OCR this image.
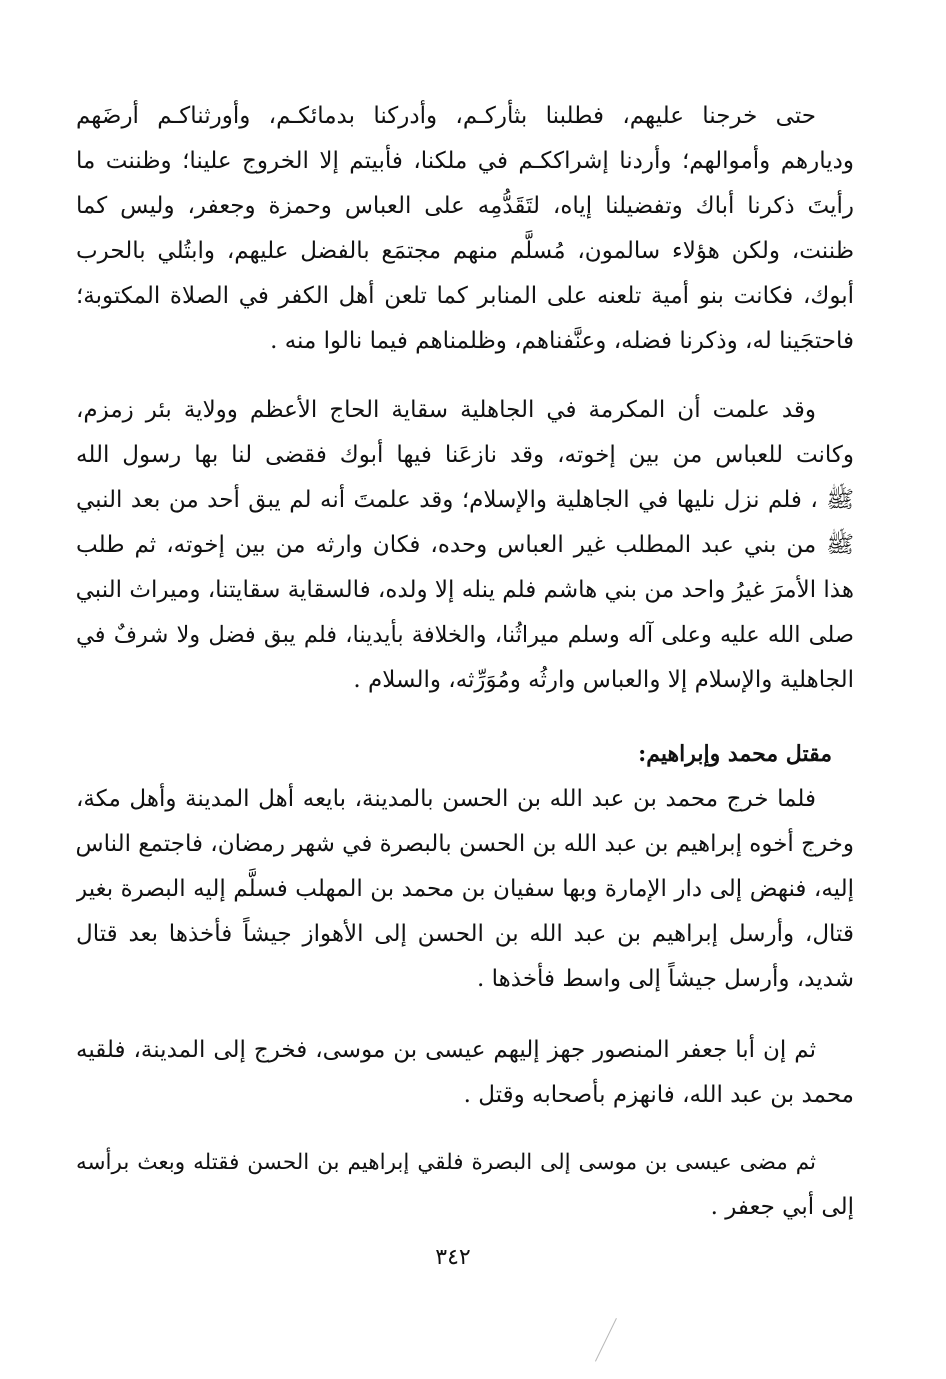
حتى خرجنا عليهم، فطلبنا بثأركـم، وأدركنا بدمائكـم، وأورثناكـم أرضَهم
وديارهم وأموالهم؛ وأردنا إشراككـم في ملكنا، فأبيتم إلا الخروج علينا؛ وظننت ما
رأيتَ ذكرنا أباك وتفضيلنا إياه، لتَقَدُّمِه على العباس وحمزة وجعفر، وليس كما
ظننت، ولكن هؤلاء سالمون، مُسلَّم منهم مجتمَع بالفضل عليهم، وابتُلي بالحرب
أبوك، فكانت بنو أمية تلعنه على المنابر كما تلعن أهل الكفر في الصلاة المكتوبة؛
فاحتجَينا له، وذكرنا فضله، وعنَّفناهم، وظلمناهم فيما نالوا منه .
وقد علمت أن المكرمة في الجاهلية سقاية الحاج الأعظم وولاية بئر زمزم،
وكانت للعباس من بين إخوته، وقد نازعَنا فيها أبوك فقضى لنا بها رسول الله
ﷺ ، فلم نزل نليها في الجاهلية والإسلام؛ وقد علمتَ أنه لم يبق أحد من بعد النبي
ﷺ من بني عبد المطلب غير العباس وحده، فكان وارثه من بين إخوته، ثم طلب
هذا الأمرَ غيرُ واحد من بني هاشم فلم ينله إلا ولده، فالسقاية سقايتنا، وميراث النبي
صلى الله عليه وعلى آله وسلم ميراثُنا، والخلافة بأيدينا، فلم يبق فضل ولا شرفٌ في
الجاهلية والإسلام إلا والعباس وارثُه ومُوَرِّثه، والسلام .
مقتل محمد وإبراهيم:
فلما خرج محمد بن عبد الله بن الحسن بالمدينة، بايعه أهل المدينة وأهل مكة،
وخرج أخوه إبراهيم بن عبد الله بن الحسن بالبصرة في شهر رمضان، فاجتمع الناس
إليه، فنهض إلى دار الإمارة وبها سفيان بن محمد بن المهلب فسلَّم إليه البصرة بغير
قتال، وأرسل إبراهيم بن عبد الله بن الحسن إلى الأهواز جيشاً فأخذها بعد قتال
شديد، وأرسل جيشاً إلى واسط فأخذها .
ثم إن أبا جعفر المنصور جهز إليهم عيسى بن موسى، فخرج إلى المدينة، فلقيه
محمد بن عبد الله، فانهزم بأصحابه وقتل .
ثم مضى عيسى بن موسى إلى البصرة فلقي إبراهيم بن الحسن فقتله وبعث برأسه
إلى أبي جعفر .
٣٤٢
